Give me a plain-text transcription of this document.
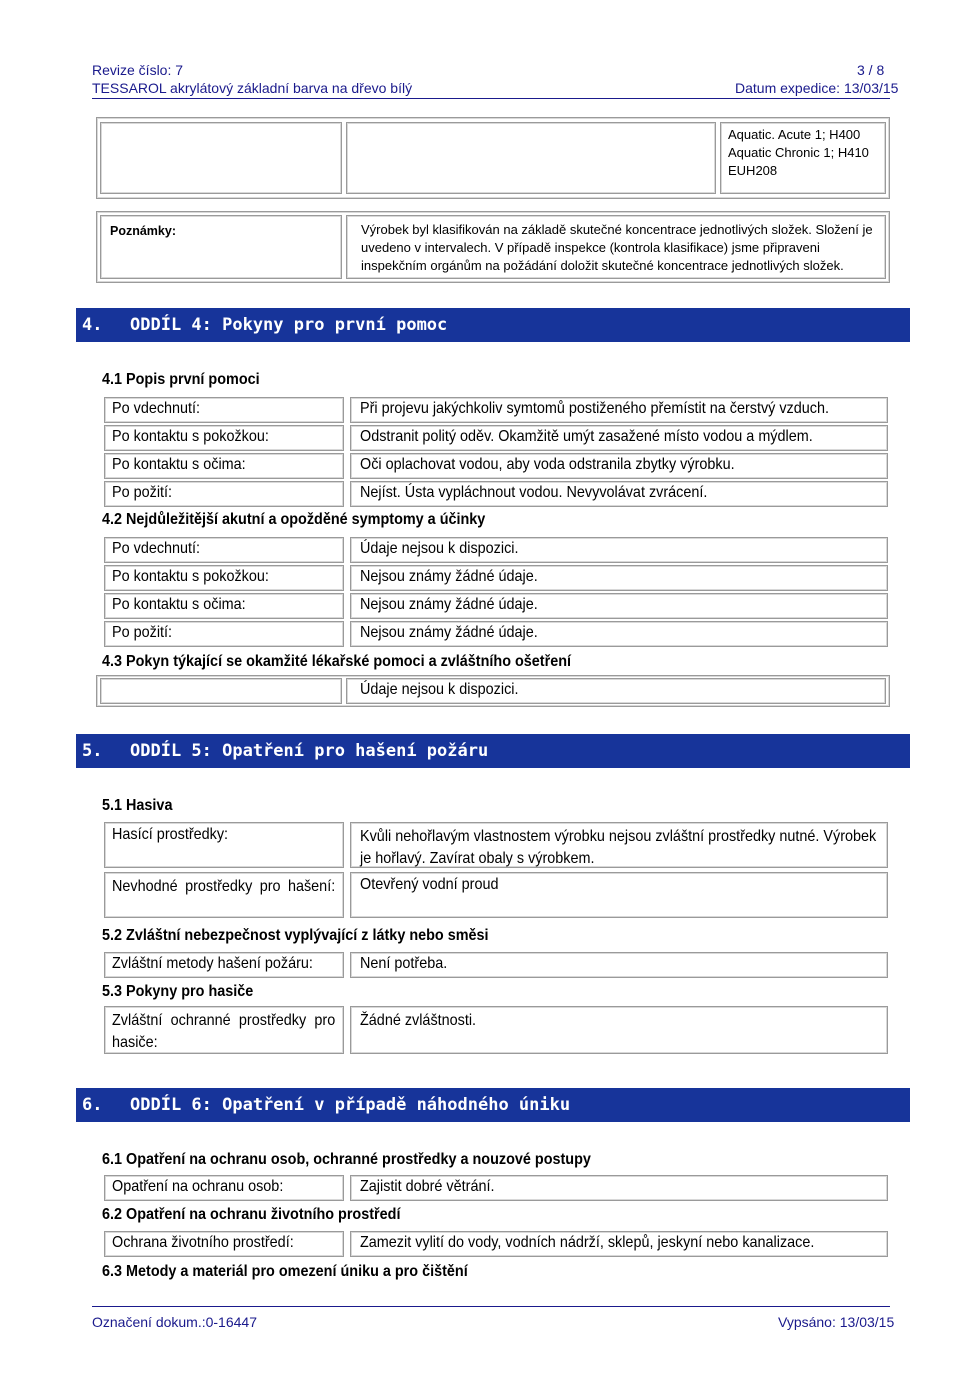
Revize číslo: 7	3 / 8
TESSAROL akrylátový základní barva na dřevo bílý	Datum expedice: 13/03/15
Aquatic. Acute 1; H400
Aquatic Chronic 1; H410
EUH208
Poznámky:	Výrobek byl klasifikován na základě skutečné koncentrace jednotlivých složek. Složení je uvedeno v intervalech. V případě inspekce (kontrola klasifikace) jsme připraveni inspekčním orgánům na požádání doložit skutečné koncentrace jednotlivých složek.
4. ODDÍL 4: Pokyny pro první pomoc
4.1 Popis první pomoci
Po vdechnutí:	Při projevu jakýchkoliv symtomů postiženého přemístit na čerstvý vzduch.
Po kontaktu s pokožkou:	Odstranit politý oděv. Okamžitě umýt zasažené místo vodou a mýdlem.
Po kontaktu s očima:	Oči oplachovat vodou, aby voda odstranila zbytky výrobku.
Po požití:	Nejíst. Ústa vypláchnout vodou. Nevyvolávat zvrácení.
4.2 Nejdůležitější akutní a opožděné symptomy a účinky
Po vdechnutí:	Údaje nejsou k dispozici.
Po kontaktu s pokožkou:	Nejsou známy žádné údaje.
Po kontaktu s očima:	Nejsou známy žádné údaje.
Po požití:	Nejsou známy žádné údaje.
4.3 Pokyn týkající se okamžité lékařské pomoci a zvláštního ošetření
Údaje nejsou k dispozici.
5. ODDÍL 5: Opatření pro hašení požáru
5.1 Hasiva
Hasící prostředky:	Kvůli nehořlavým vlastnostem výrobku nejsou zvláštní prostředky nutné. Výrobek je hořlavý. Zavírat obaly s výrobkem.
Nevhodné prostředky pro hašení: Otevřený vodní proud
5.2 Zvláštní nebezpečnost vyplývající z látky nebo směsi
Zvláštní metody hašení požáru:	Není potřeba.
5.3 Pokyny pro hasiče
Zvláštní ochranné prostředky pro hasiče:
Žádné zvláštnosti.
6. ODDÍL 6: Opatření v případě náhodného úniku
6.1 Opatření na ochranu osob, ochranné prostředky a nouzové postupy
Opatření na ochranu osob:	Zajistit dobré větrání.
6.2 Opatření na ochranu životního prostředí
Ochrana životního prostředí:	Zamezit vylití do vody, vodních nádrží, sklepů, jeskyní nebo kanalizace.
6.3 Metody a materiál pro omezení úniku a pro čištění
Označení dokum.:0-16447	Vypsáno: 13/03/15
